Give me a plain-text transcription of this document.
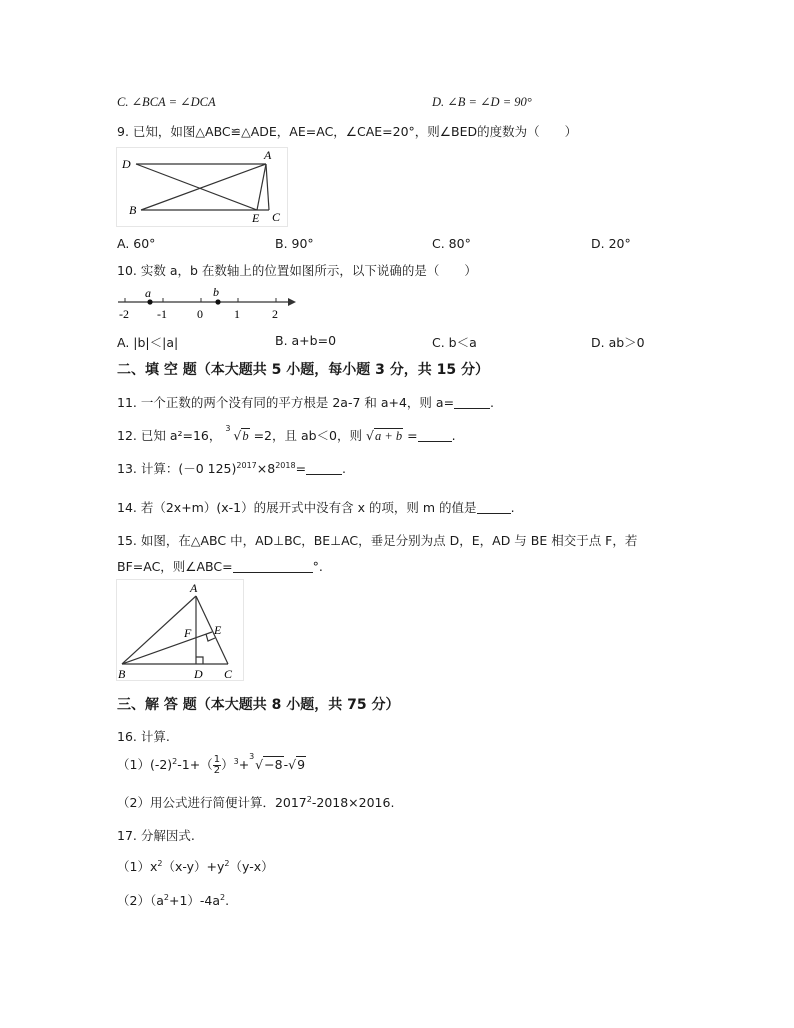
C. ∠BCA = ∠DCA	D. ∠B = ∠D = 90°
9. 已知，如图△ABC≌△ADE，AE=AC，∠CAE=20°，则∠BED的度数为（　　）
D
A
B
E C
A. 60°	B. 90°	C. 80°	D. 20°
10. 实数 a，b 在数轴上的位置如图所示，以下说确的是（　　）
a	b
-2 -1	0	1	2
A. |b|＜|a|	B. a+b=0	C. b＜a	D. ab＞0
二、填 空 题（本大题共 5 小题，每小题 3 分，共 15 分）
11. 一个正数的两个没有同的平方根是 2a-7 和 a+4，则 a=	.
12. 已知 a²=16， 3 √b =2，且 ab＜0，则 √a + b =	.
13. 计算：(－0 $125)^{2017}\times 8^{2018}=$	.
14. 若（2x+m）(x-1）的展开式中没有含 x 的项，则 m 的值是	.
15. 如图，在△ABC 中，AD⊥BC，BE⊥AC，垂足分别为点 D，E，AD 与 BE 相交于点 F，若
BF=AC，则∠ABC=	°.
A
F E
B	D C
三、解 答 题（本大题共 8 小题，共 75 分）
16. 计算.
$(1)(-2)^2-1+( \frac{1}{2} )^3+$
3
√−8-√9
（2）用公式进行简便计算．$2017^2-2018\times 2016$.
17. 分解因式.
$(1)x^2(x-y)+y^2(y-x)$
$(2)(a^2+1)-4a^2$.
